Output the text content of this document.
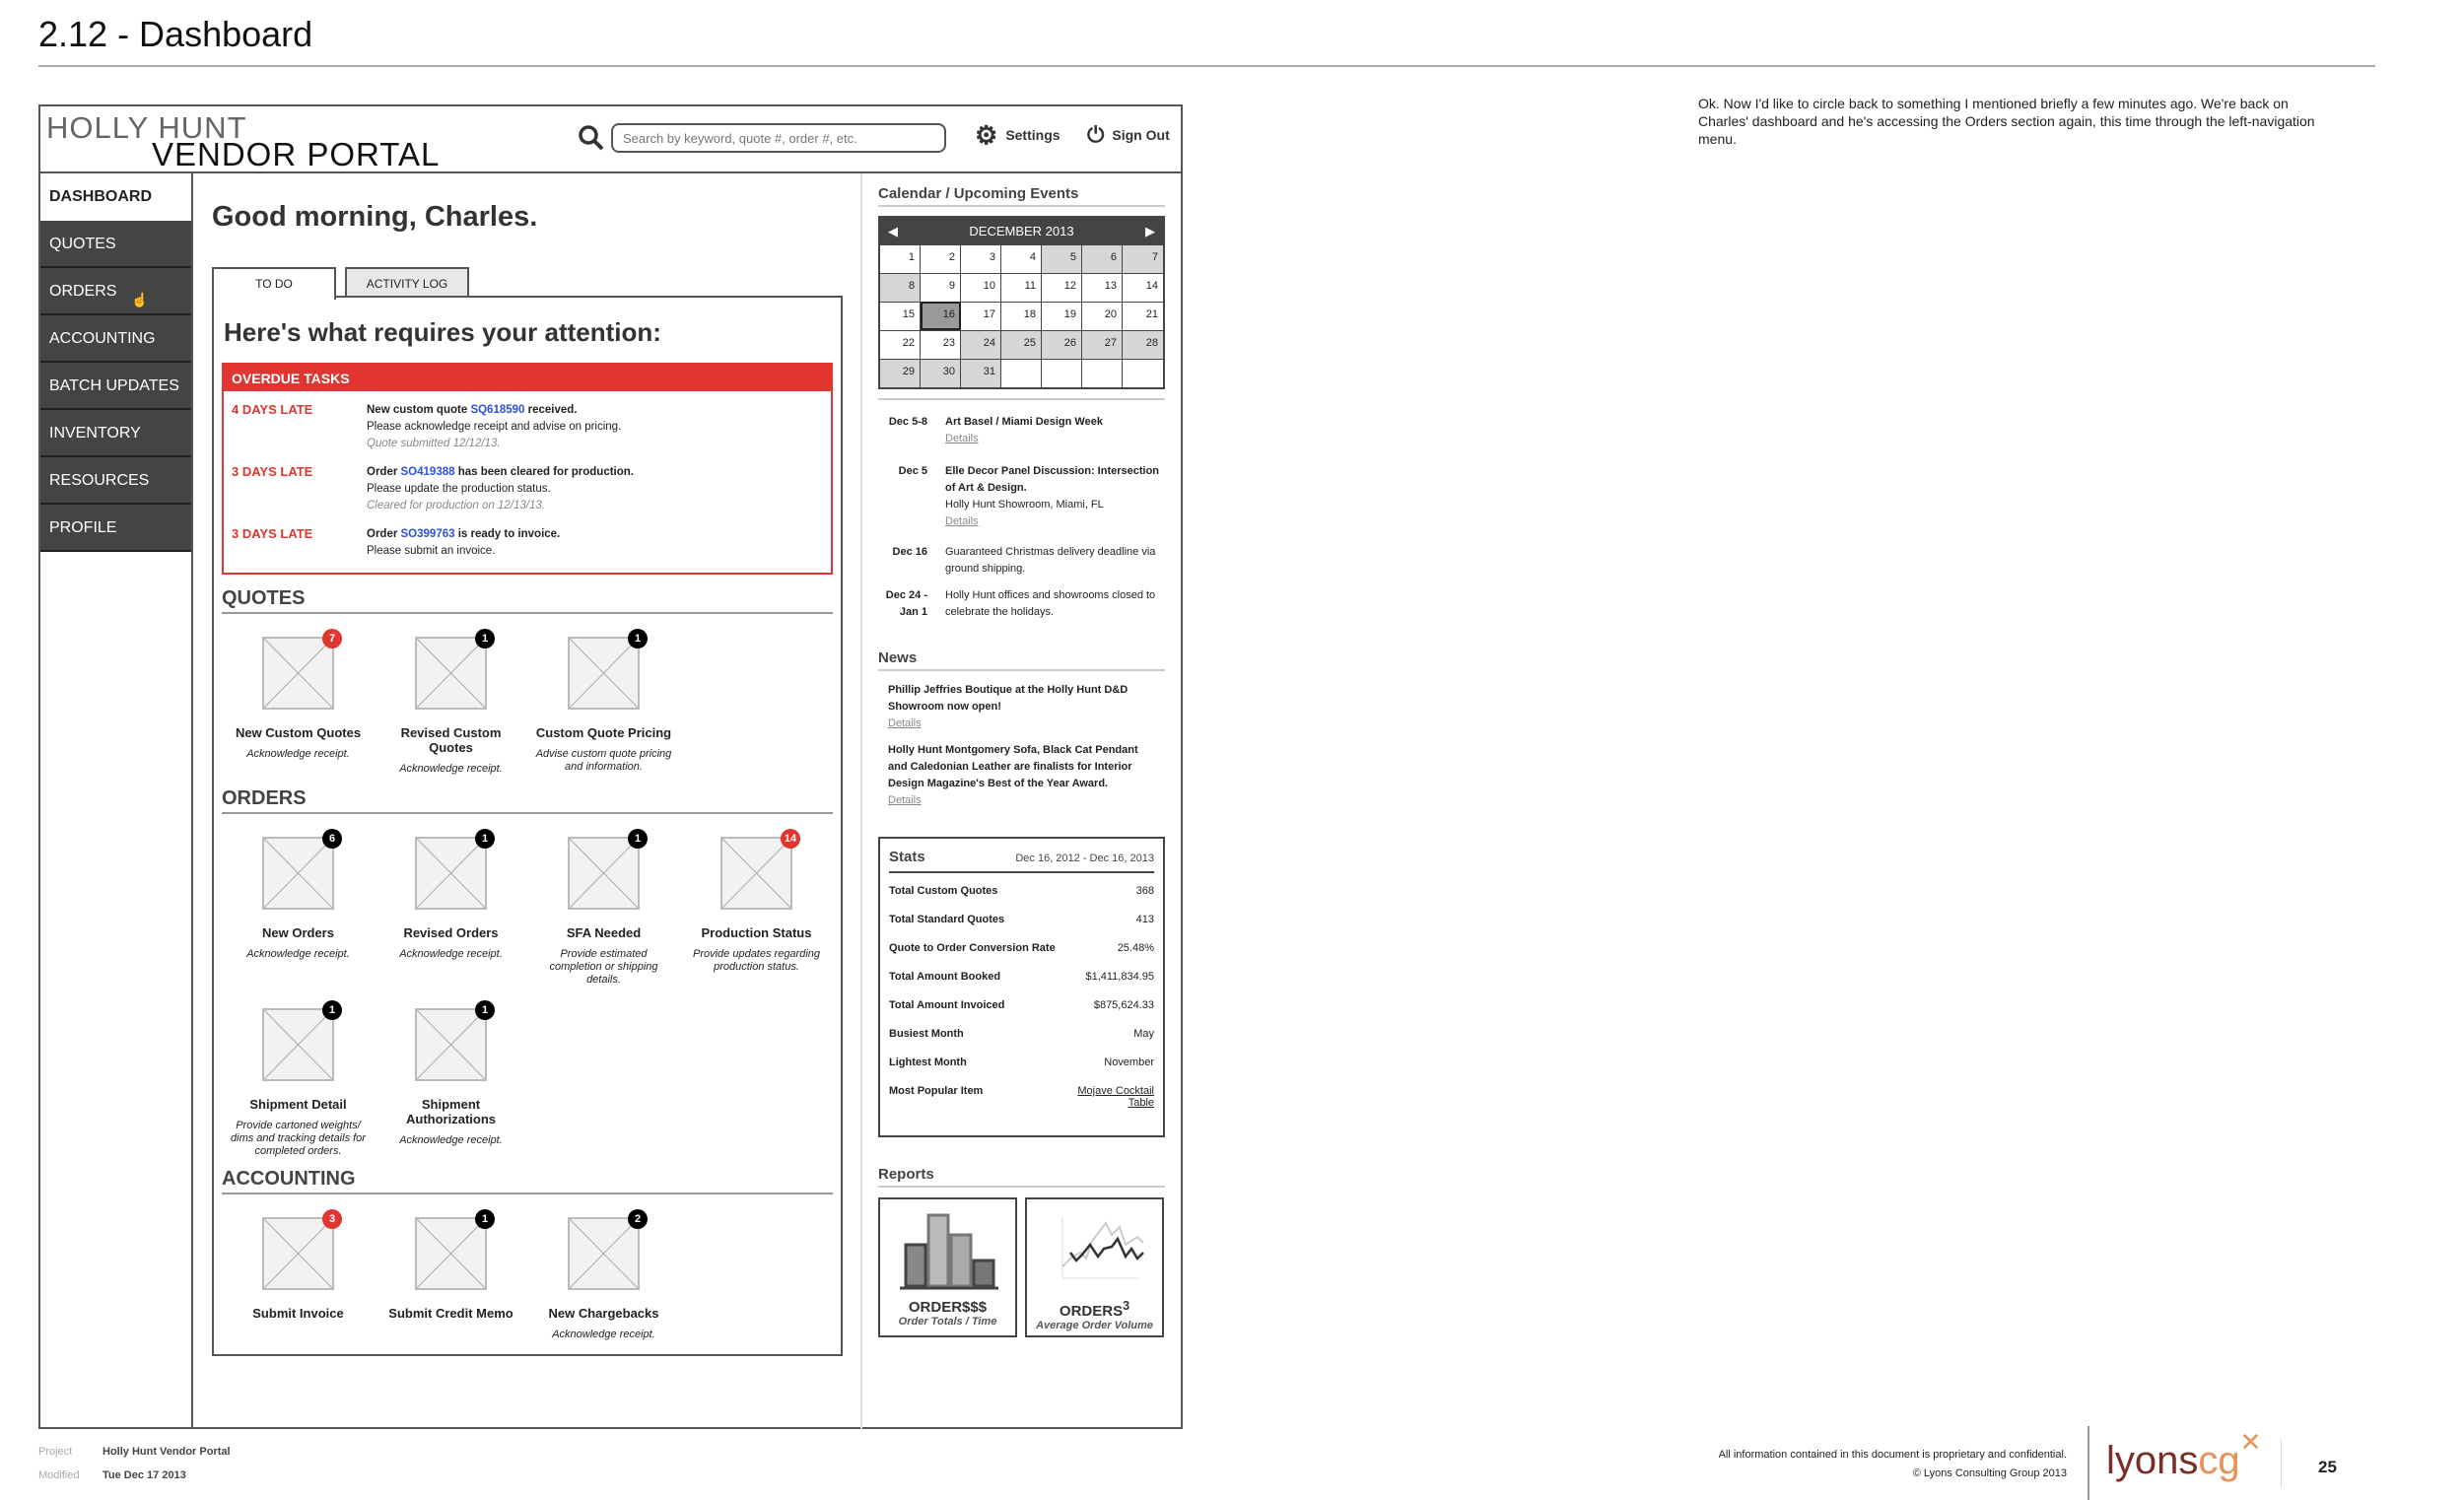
2.12 - Dashboard
HOLLY HUNT
VENDOR PORTAL
Search by keyword, quote #, order #, etc.
⚙ Settings ⏻ Sign Out
DASHBOARD
QUOTES
ORDERS ☝
ACCOUNTING
BATCH UPDATES
INVENTORY
RESOURCES
PROFILE
Good morning, Charles.
TO DO	ACTIVITY LOG
Here's what requires your attention:
OVERDUE TASKS
4 DAYS LATE	New custom quote SQ618590 received.
Please acknowledge receipt and advise on pricing.
Quote submitted 12/12/13.
3 DAYS LATE	Order SO419388 has been cleared for production.
Please update the production status.
Cleared for production on 12/13/13.
3 DAYS LATE	Order SO399763 is ready to invoice.
Please submit an invoice.
QUOTES
7
New Custom Quotes
Acknowledge receipt.
1
Revised Custom Quotes
Acknowledge receipt.
1
Custom Quote Pricing
Advise custom quote pricing and information.
ORDERS
6
New Orders
Acknowledge receipt.
1
Revised Orders
Acknowledge receipt.
1
SFA Needed
Provide estimated completion or shipping details.
14
Production Status
Provide updates regarding production status.
1
Shipment Detail
Provide cartoned weights/ dims and tracking details for completed orders.
1
Shipment Authorizations
Acknowledge receipt.
ACCOUNTING
3
Submit Invoice
1
Submit Credit Memo
2
New Chargebacks
Acknowledge receipt.
Calendar / Upcoming Events
◀	DECEMBER 2013	▶
1	2	3	4	5	6	7
8	9	10	11	12	13	14
15	16	17	18	19	20	21
22	23	24	25	26	27	28
29	30	31
Dec 5-8 Art Basel / Miami Design Week
Details
Dec 5 Elle Decor Panel Discussion: Intersection of Art & Design.
Holly Hunt Showroom, Miami, FL
Details
Dec 16 Guaranteed Christmas delivery deadline via ground shipping.
Dec 24 - Jan 1
Holly Hunt offices and showrooms closed to celebrate the holidays.
News
Phillip Jeffries Boutique at the Holly Hunt D&D Showroom now open!
Details
Holly Hunt Montgomery Sofa, Black Cat Pendant and Caledonian Leather are finalists for Interior Design Magazine's Best of the Year Award.
Details
Stats	Dec 16, 2012 - Dec 16, 2013
Total Custom Quotes	368
Total Standard Quotes	413
Quote to Order Conversion Rate	25.48%
Total Amount Booked	$1,411,834.95
Total Amount Invoiced	$875,624.33
Busiest Month	May
Lightest Month	November
Most Popular Item	Mojave Cocktail Table
Reports
ORDER$$$
Order Totals / Time
ORDERS$^3$
Average Order Volume
Ok. Now I'd like to circle back to something I mentioned briefly a few minutes ago. We're back on Charles' dashboard and he's accessing the Orders section again, this time through the left-navigation menu.
Project	Holly Hunt Vendor Portal
Modified Tue Dec 17 2013
All information contained in this document is proprietary and confidential.
© Lyons Consulting Group 2013 lyonscg✕
25
